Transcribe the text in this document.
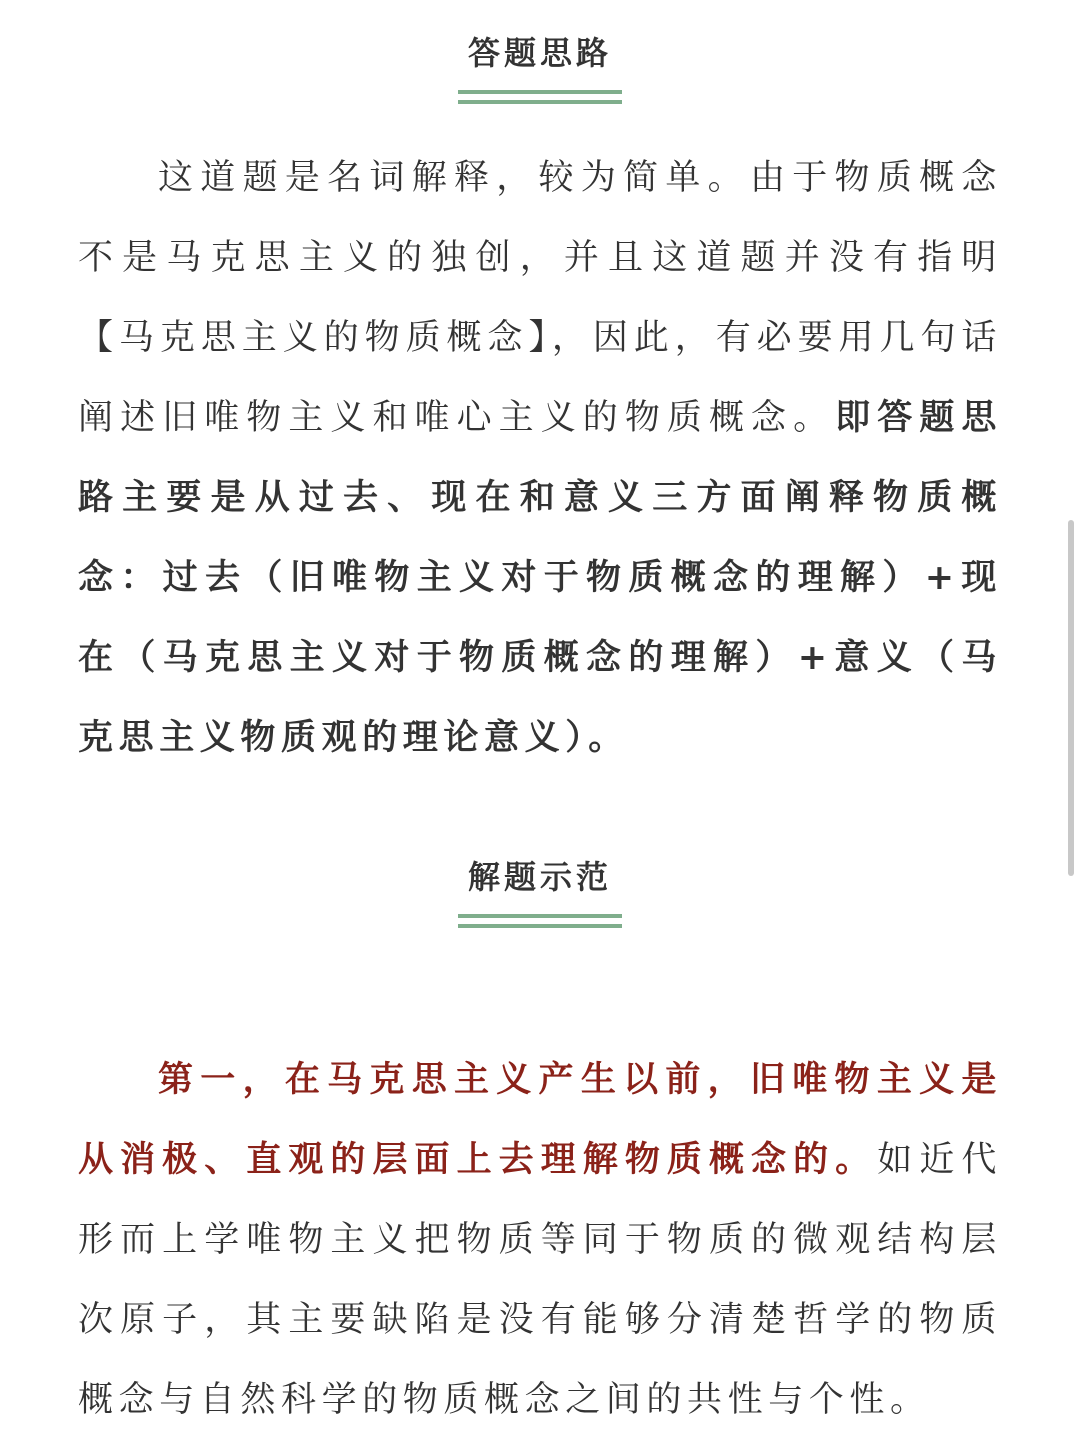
答题思路

这道题是名词解释，较为简单。由于物质概念不是马克思主义的独创，并且这道题并没有指明【马克思主义的物质概念】，因此，有必要用几句话阐述旧唯物主义和唯心主义的物质概念。即答题思路主要是从过去、现在和意义三方面阐释物质概念：过去（旧唯物主义对于物质概念的理解）+现在（马克思主义对于物质概念的理解）+意义（马克思主义物质观的理论意义）。

解题示范

第一，在马克思主义产生以前，旧唯物主义是从消极、直观的层面上去理解物质概念的。如近代形而上学唯物主义把物质等同于物质的微观结构层次原子，其主要缺陷是没有能够分清楚哲学的物质概念与自然科学的物质概念之间的共性与个性。
